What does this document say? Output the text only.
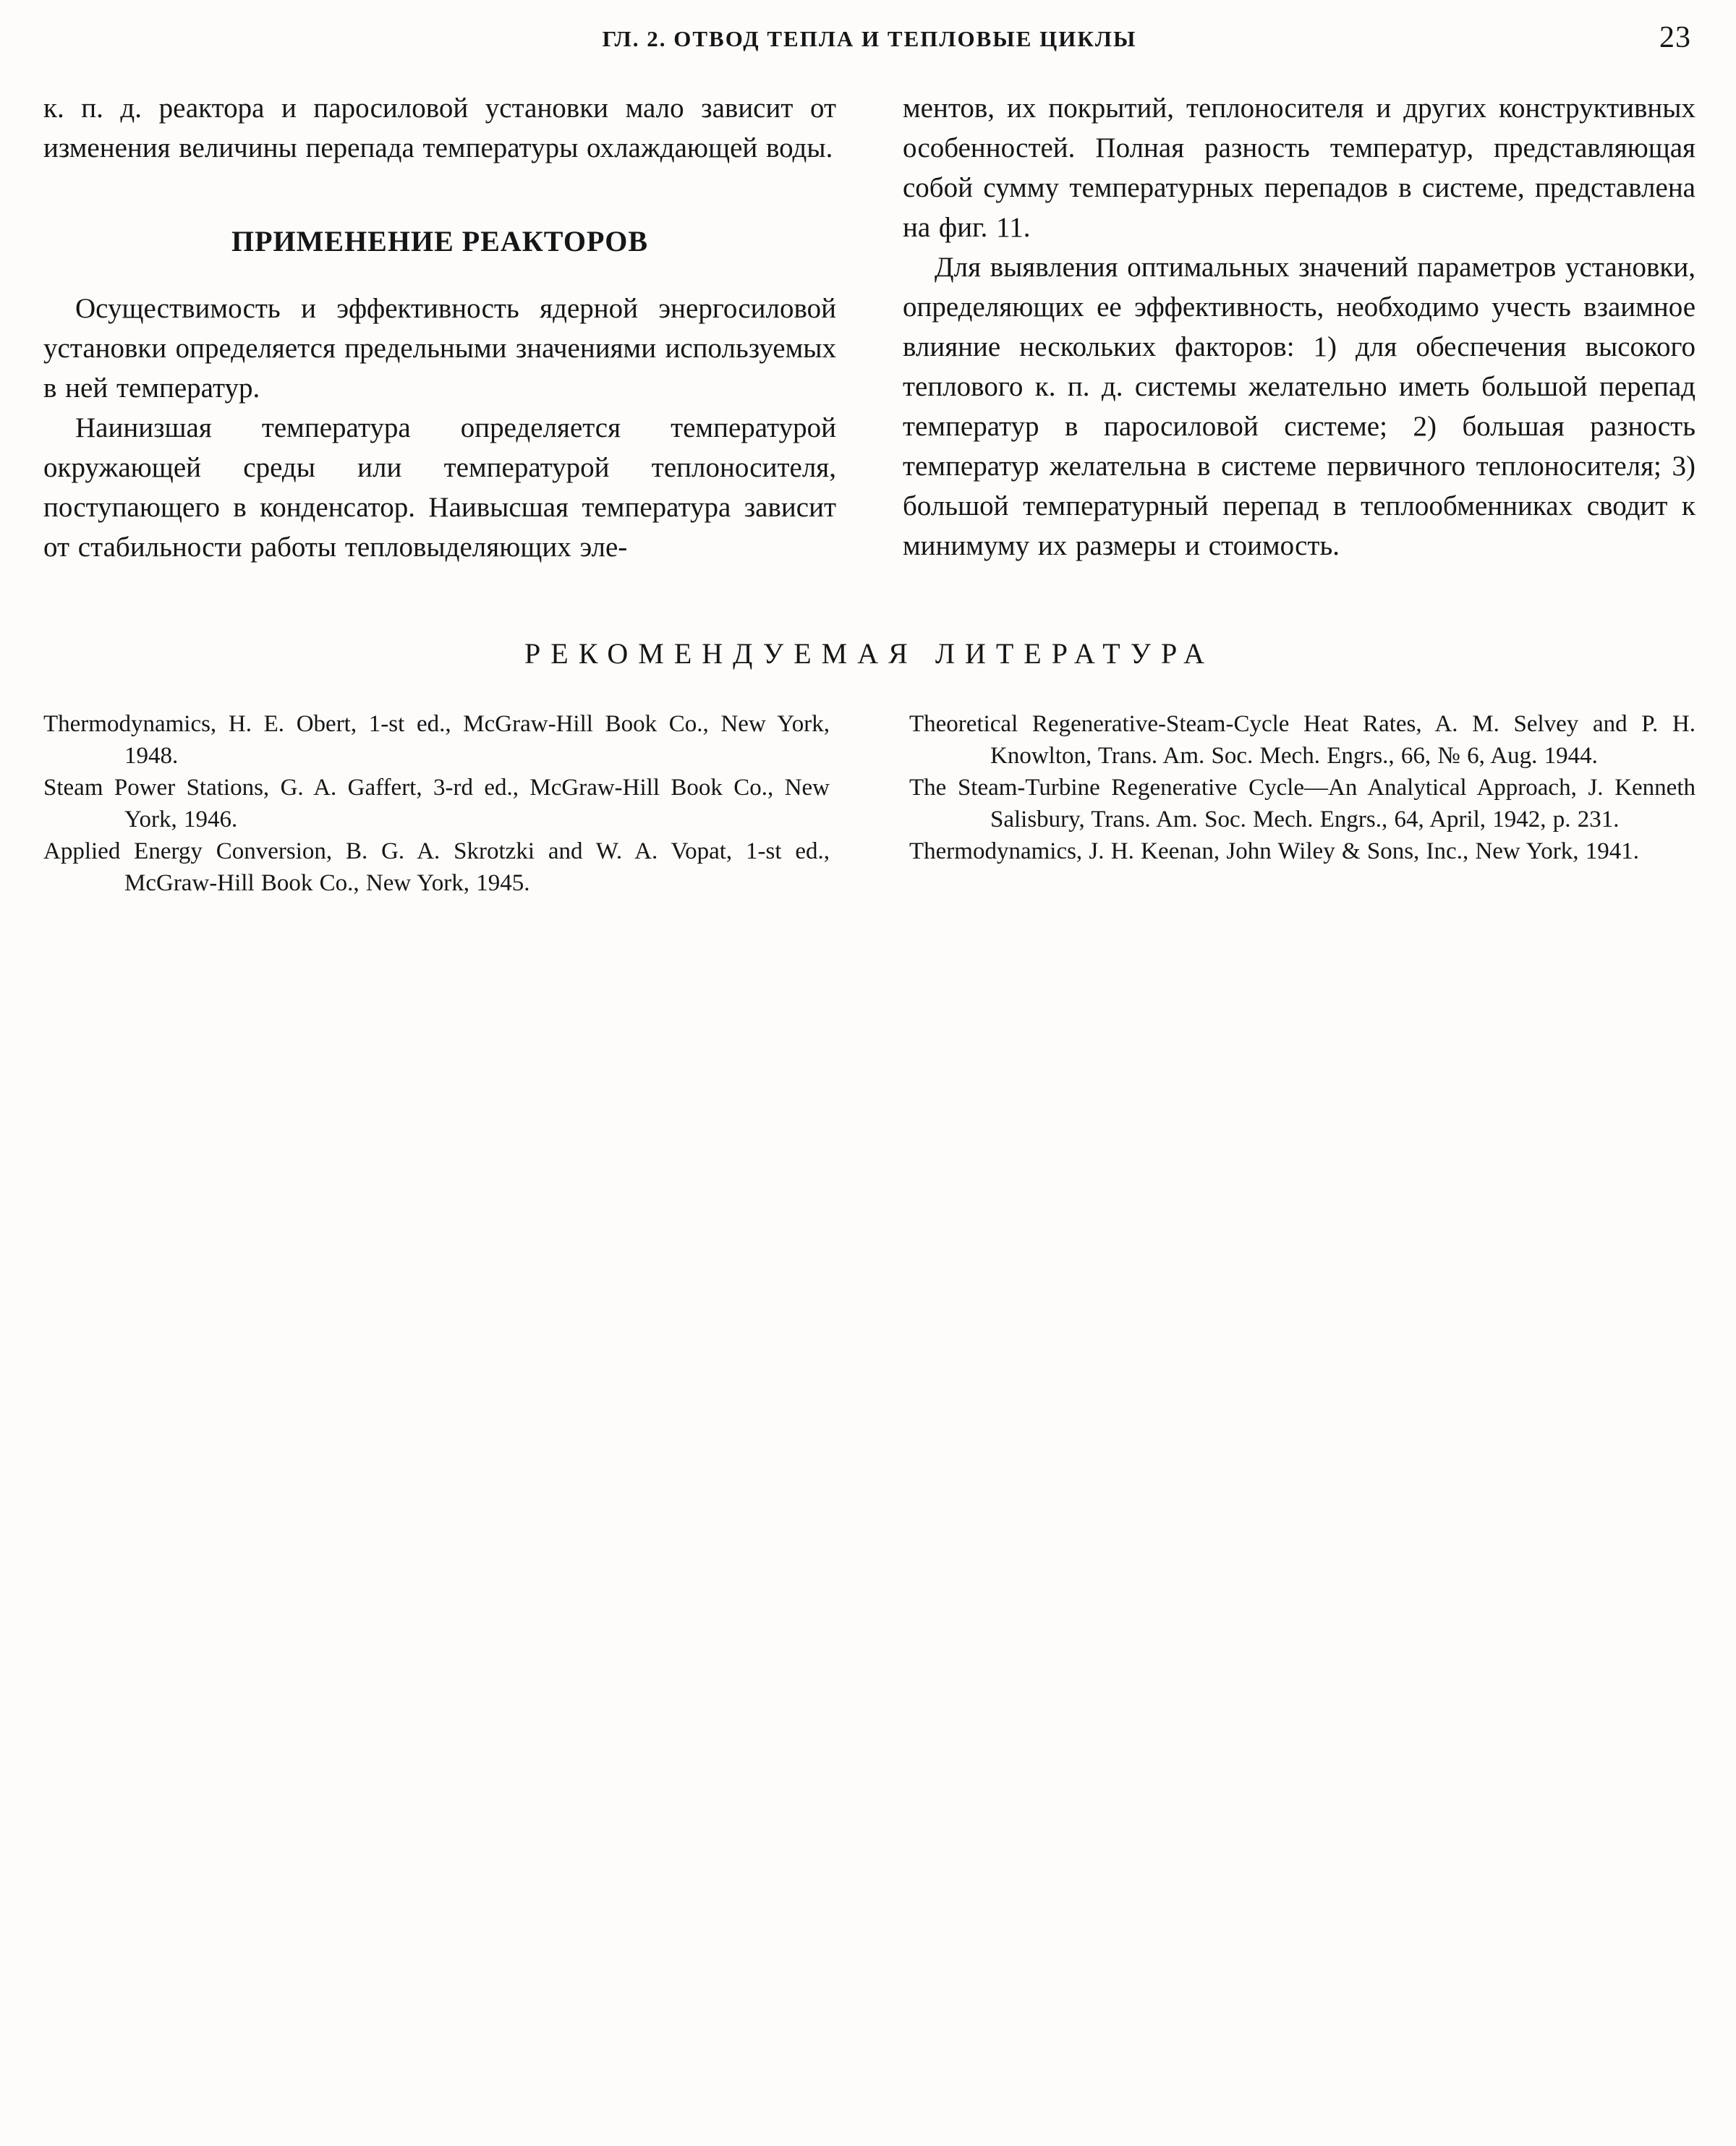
ГЛ. 2. ОТВОД ТЕПЛА И ТЕПЛОВЫЕ ЦИКЛЫ	23

к. п. д. реактора и паросиловой установки мало зависит от изменения величины перепада температуры охлаждающей воды.

ПРИМЕНЕНИЕ РЕАКТОРОВ

Осуществимость и эффективность ядерной энергосиловой установки определяется предельными значениями используемых в ней температур.

Наинизшая температура определяется температурой окружающей среды или температурой теплоносителя, поступающего в конденсатор. Наивысшая температура зависит от стабильности работы тепловыделяющих эле-

ментов, их покрытий, теплоносителя и других конструктивных особенностей. Полная разность температур, представляющая собой сумму температурных перепадов в системе, представлена на фиг. 11.

Для выявления оптимальных значений параметров установки, определяющих ее эффективность, необходимо учесть взаимное влияние нескольких факторов: 1) для обеспечения высокого теплового к. п. д. системы желательно иметь большой перепад температур в паросиловой системе; 2) большая разность температур желательна в системе первичного теплоносителя; 3) большой температурный перепад в теплообменниках сводит к минимуму их размеры и стоимость.

РЕКОМЕНДУЕМАЯ ЛИТЕРАТУРА

Thermodynamics, H. E. Obert, 1-st ed., McGraw-Hill Book Co., New York, 1948.

Steam Power Stations, G. A. Gaffert, 3-rd ed., McGraw-Hill Book Co., New York, 1946.

Applied Energy Conversion, B. G. A. Skrotzki and W. A. Vopat, 1-st ed., McGraw-Hill Book Co., New York, 1945.

Theoretical Regenerative-Steam-Cycle Heat Rates, A. M. Selvey and P. H. Knowlton, Trans. Am. Soc. Mech. Engrs., 66, № 6, Aug. 1944.

The Steam-Turbine Regenerative Cycle—An Analytical Approach, J. Kenneth Salisbury, Trans. Am. Soc. Mech. Engrs., 64, April, 1942, p. 231.

Thermodynamics, J. H. Keenan, John Wiley & Sons, Inc., New York, 1941.
